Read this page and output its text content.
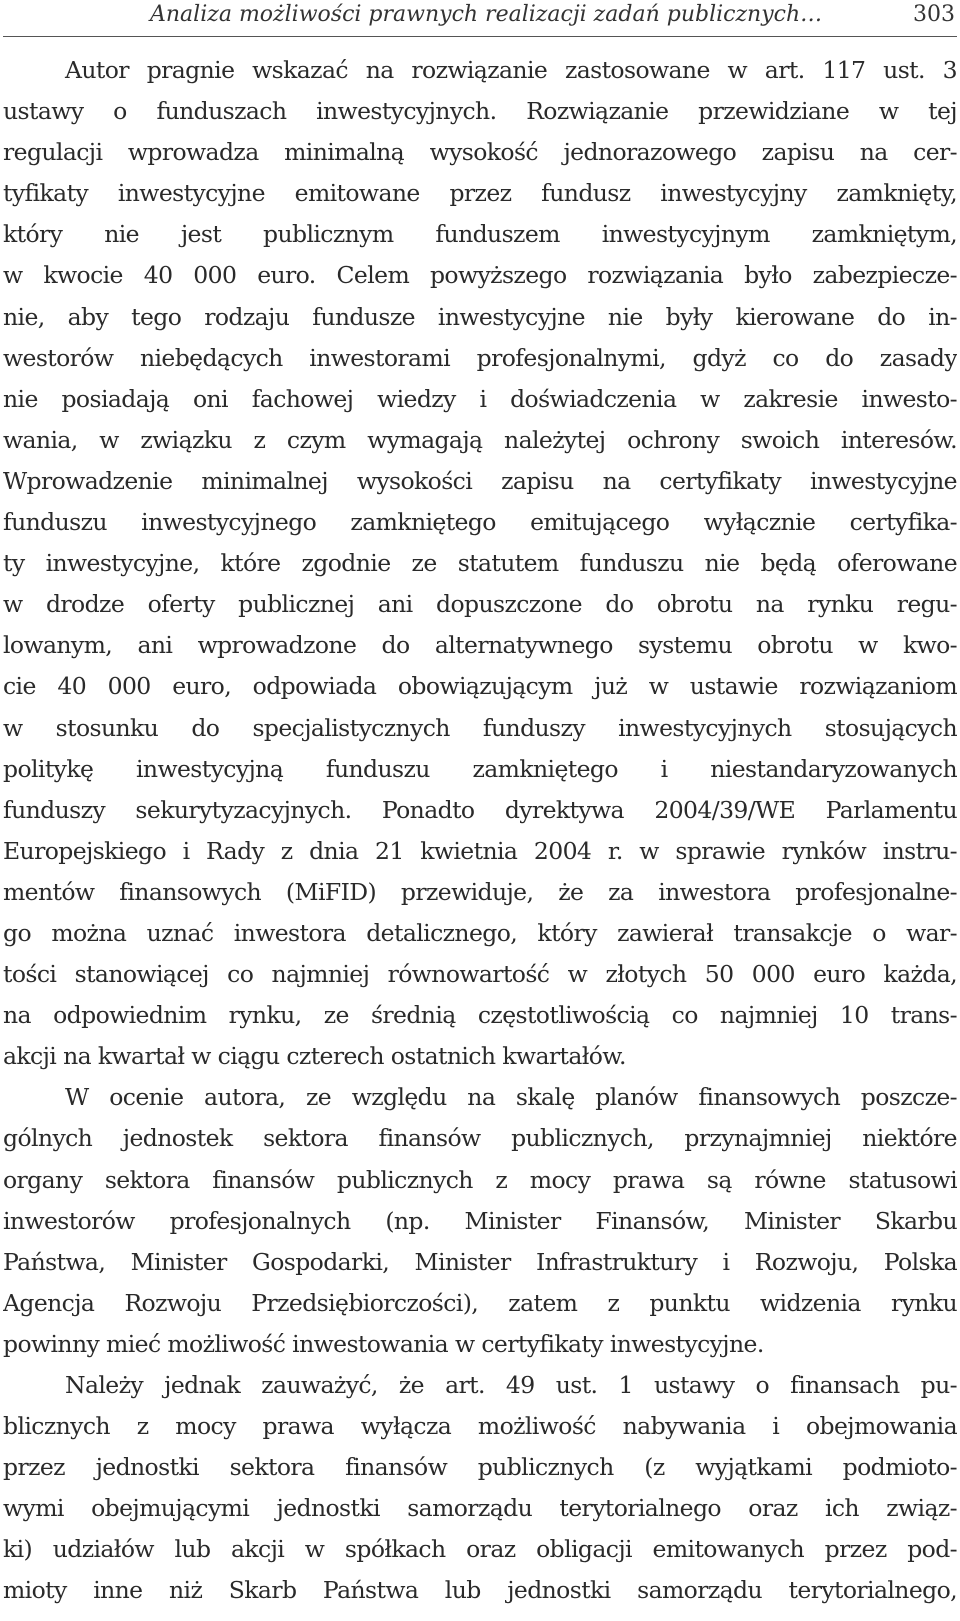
Analiza możliwości prawnych realizacji zadań publicznych…	303
Autor pragnie wskazać na rozwiązanie zastosowane w art. 117 ust. 3
ustawy o funduszach inwestycyjnych. Rozwiązanie przewidziane w tej
regulacji wprowadza minimalną wysokość jednorazowego zapisu na cer-
tyfikaty inwestycyjne emitowane przez fundusz inwestycyjny zamknięty,
który nie jest publicznym funduszem inwestycyjnym zamkniętym,
w kwocie 40 000 euro. Celem powyższego rozwiązania było zabezpiecze-
nie, aby tego rodzaju fundusze inwestycyjne nie były kierowane do in-
westorów niebędących inwestorami profesjonalnymi, gdyż co do zasady
nie posiadają oni fachowej wiedzy i doświadczenia w zakresie inwesto-
wania, w związku z czym wymagają należytej ochrony swoich interesów.
Wprowadzenie minimalnej wysokości zapisu na certyfikaty inwestycyjne
funduszu inwestycyjnego zamkniętego emitującego wyłącznie certyfika-
ty inwestycyjne, które zgodnie ze statutem funduszu nie będą oferowane
w drodze oferty publicznej ani dopuszczone do obrotu na rynku regu-
lowanym, ani wprowadzone do alternatywnego systemu obrotu w kwo-
cie 40 000 euro, odpowiada obowiązującym już w ustawie rozwiązaniom
w stosunku do specjalistycznych funduszy inwestycyjnych stosujących
politykę inwestycyjną funduszu zamkniętego i niestandaryzowanych
funduszy sekurytyzacyjnych. Ponadto dyrektywa 2004/39/WE Parlamentu
Europejskiego i Rady z dnia 21 kwietnia 2004 r. w sprawie rynków instru-
mentów finansowych (MiFID) przewiduje, że za inwestora profesjonalne-
go można uznać inwestora detalicznego, który zawierał transakcje o war-
tości stanowiącej co najmniej równowartość w złotych 50 000 euro każda,
na odpowiednim rynku, ze średnią częstotliwością co najmniej 10 trans-
akcji na kwartał w ciągu czterech ostatnich kwartałów.
W ocenie autora, ze względu na skalę planów finansowych poszcze-
gólnych jednostek sektora finansów publicznych, przynajmniej niektóre
organy sektora finansów publicznych z mocy prawa są równe statusowi
inwestorów profesjonalnych (np. Minister Finansów, Minister Skarbu
Państwa, Minister Gospodarki, Minister Infrastruktury i Rozwoju, Polska
Agencja Rozwoju Przedsiębiorczości), zatem z punktu widzenia rynku
powinny mieć możliwość inwestowania w certyfikaty inwestycyjne.
Należy jednak zauważyć, że art. 49 ust. 1 ustawy o finansach pu-
blicznych z mocy prawa wyłącza możliwość nabywania i obejmowania
przez jednostki sektora finansów publicznych (z wyjątkami podmioto-
wymi obejmującymi jednostki samorządu terytorialnego oraz ich związ-
ki) udziałów lub akcji w spółkach oraz obligacji emitowanych przez pod-
mioty inne niż Skarb Państwa lub jednostki samorządu terytorialnego,
